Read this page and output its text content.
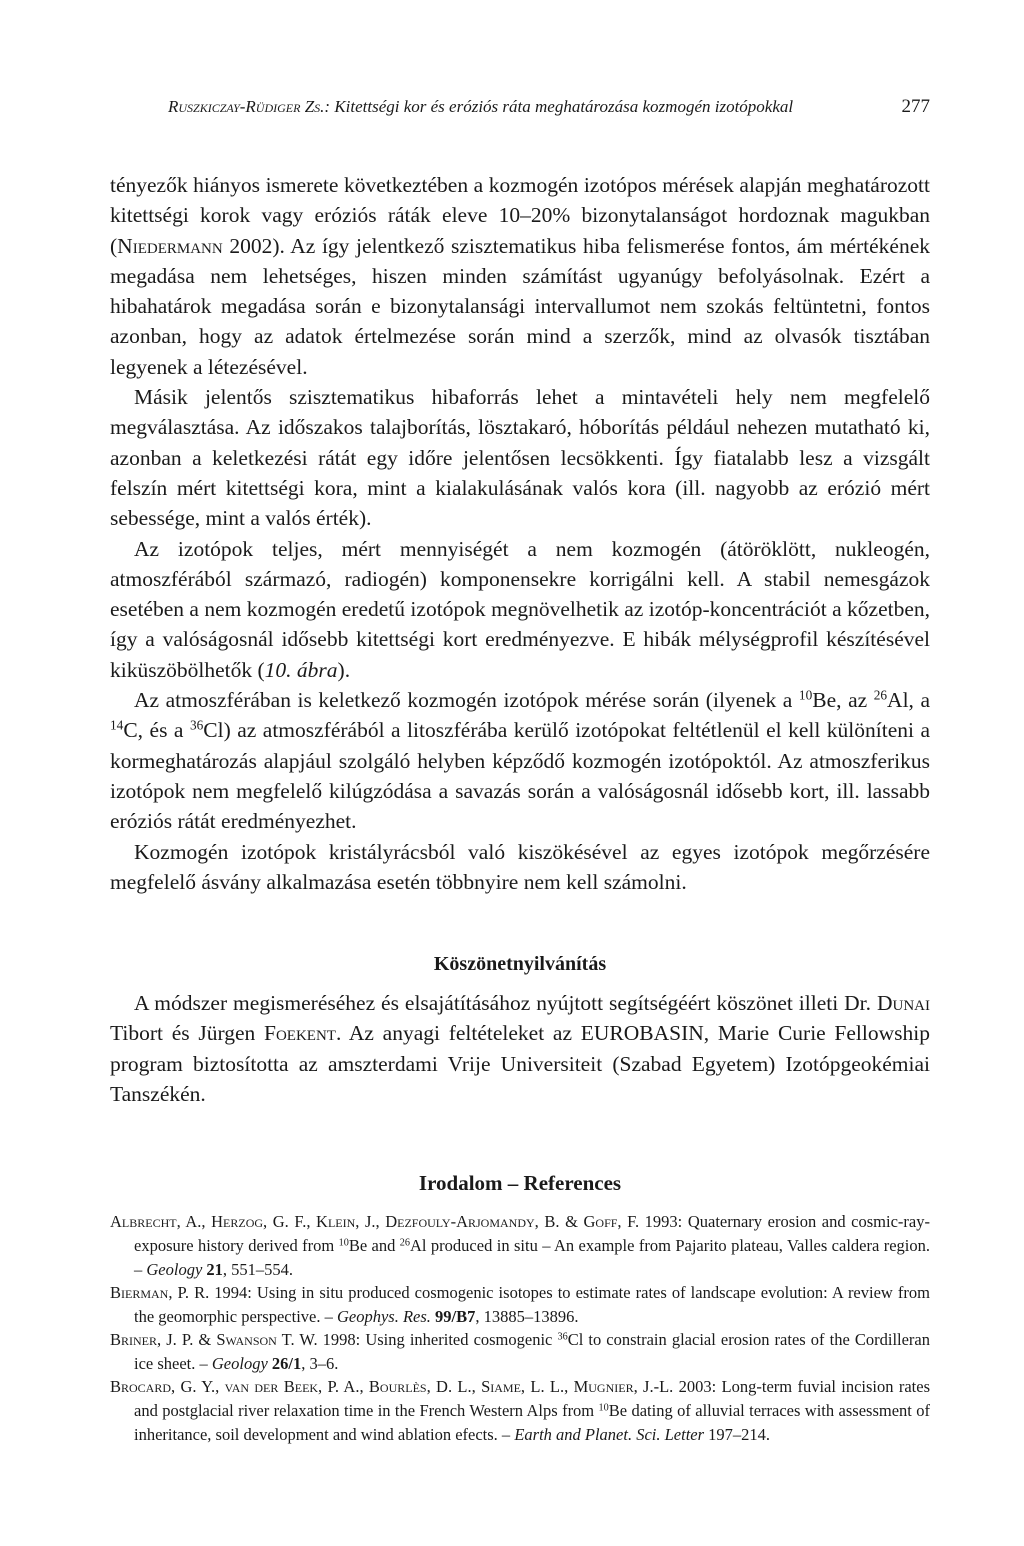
Ruszkiczay-Rüdiger Zs.: Kitettségi kor és eróziós ráta meghatározása kozmogén izotópokkal	277

tényezők hiányos ismerete következtében a kozmogén izotópos mérések alapján meghatározott kitettségi korok vagy eróziós ráták eleve 10–20% bizonytalanságot hordoznak magukban (Niedermann 2002). Az így jelentkező szisztematikus hiba felismerése fontos, ám mértékének megadása nem lehetséges, hiszen minden számítást ugyanúgy befolyásolnak. Ezért a hibahatárok megadása során e bizonytalansági intervallumot nem szokás feltüntetni, fontos azonban, hogy az adatok értelmezése során mind a szerzők, mind az olvasók tisztában legyenek a létezésével.

Másik jelentős szisztematikus hibaforrás lehet a mintavételi hely nem megfelelő megválasztása. Az időszakos talajborítás, lösztakaró, hóborítás például nehezen mutatható ki, azonban a keletkezési rátát egy időre jelentősen lecsökkenti. Így fiatalabb lesz a vizsgált felszín mért kitettségi kora, mint a kialakulásának valós kora (ill. nagyobb az erózió mért sebessége, mint a valós érték).

Az izotópok teljes, mért mennyiségét a nem kozmogén (átöröklött, nukleogén, atmoszférából származó, radiogén) komponensekre korrigálni kell. A stabil nemesgázok esetében a nem kozmogén eredetű izotópok megnövelhetik az izotóp-koncentrációt a kőzetben, így a valóságosnál idősebb kitettségi kort eredményezve. E hibák mélységprofil készítésével kiküszöbölhetők (10. ábra).

Az atmoszférában is keletkező kozmogén izotópok mérése során (ilyenek a $^{10}$Be, az $^{26}$Al, a $^{14}$C, és a $^{36}$Cl) az atmoszférából a litoszférába kerülő izotópokat feltétlenül el kell különíteni a kormeghatározás alapjául szolgáló helyben képződő kozmogén izotópoktól. Az atmoszferikus izotópok nem megfelelő kilúgzódása a savazás során a valóságosnál idősebb kort, ill. lassabb eróziós rátát eredményezhet.

Kozmogén izotópok kristályrácsból való kiszökésével az egyes izotópok megőrzésére megfelelő ásvány alkalmazása esetén többnyire nem kell számolni.

Köszönetnyilvánítás

A módszer megismeréséhez és elsajátításához nyújtott segítségéért köszönet illeti Dr. Dunai Tibort és Jürgen Foekent. Az anyagi feltételeket az EUROBASIN, Marie Curie Fellowship program biztosította az amszterdami Vrije Universiteit (Szabad Egyetem) Izotópgeokémiai Tanszékén.

Irodalom – References

Albrecht, A., Herzog, G. F., Klein, J., Dezfouly-Arjomandy, B. & Goff, F. 1993: Quaternary erosion and cosmic-ray-exposure history derived from $^{10}$Be and $^{26}$Al produced in situ – An example from Pajarito plateau, Valles caldera region. – Geology 21, 551–554.

Bierman, P. R. 1994: Using in situ produced cosmogenic isotopes to estimate rates of landscape evolution: A review from the geomorphic perspective. – Geophys. Res. 99/B7, 13885–13896.

Briner, J. P. & Swanson T. W. 1998: Using inherited cosmogenic $^{36}$Cl to constrain glacial erosion rates of the Cordilleran ice sheet. – Geology 26/1, 3–6.

Brocard, G. Y., van der Beek, P. A., Bourlès, D. L., Siame, L. L., Mugnier, J.-L. 2003: Long-term fuvial incision rates and postglacial river relaxation time in the French Western Alps from $^{10}$Be dating of alluvial terraces with assessment of inheritance, soil development and wind ablation efects. – Earth and Planet. Sci. Letter 197–214.
